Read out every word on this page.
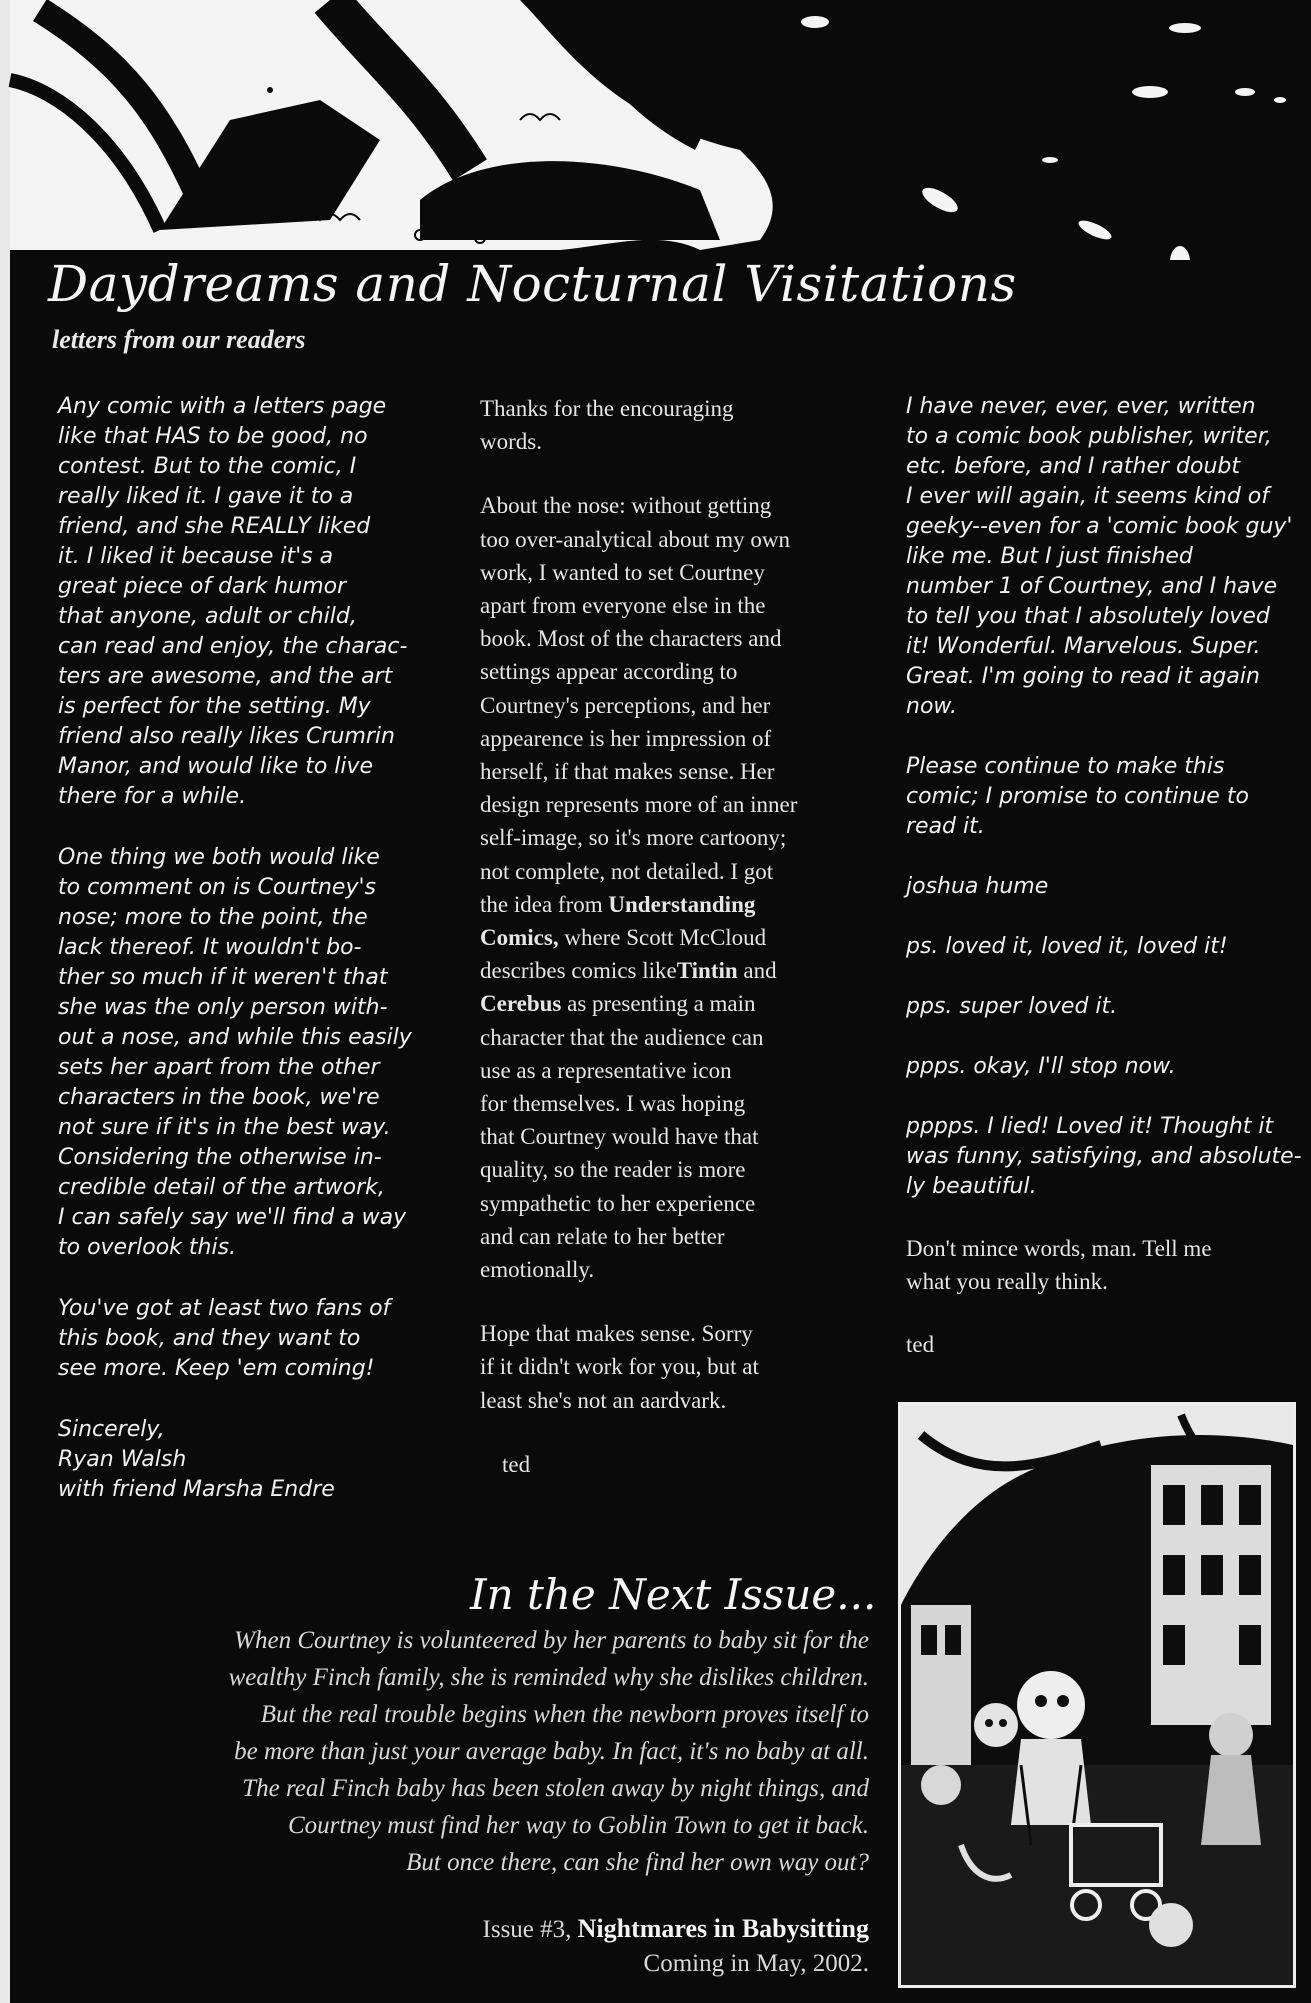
Daydreams and Nocturnal Visitations
letters from our readers

Any comic with a letters page
like that HAS to be good, no
contest. But to the comic, I
really liked it. I gave it to a
friend, and she REALLY liked
it. I liked it because it's a
great piece of dark humor
that anyone, adult or child,
can read and enjoy, the charac-
ters are awesome, and the art
is perfect for the setting. My
friend also really likes Crumrin
Manor, and would like to live
there for a while.

One thing we both would like
to comment on is Courtney's
nose; more to the point, the
lack thereof. It wouldn't bo-
ther so much if it weren't that
she was the only person with-
out a nose, and while this easily
sets her apart from the other
characters in the book, we're
not sure if it's in the best way.
Considering the otherwise in-
credible detail of the artwork,
I can safely say we'll find a way
to overlook this.

You've got at least two fans of
this book, and they want to
see more. Keep 'em coming!

Sincerely,
Ryan Walsh
with friend Marsha Endre

Thanks for the encouraging
words.

About the nose: without getting
too over-analytical about my own
work, I wanted to set Courtney
apart from everyone else in the
book. Most of the characters and
settings appear according to
Courtney's perceptions, and her
appearence is her impression of
herself, if that makes sense. Her
design represents more of an inner
self-image, so it's more cartoony;
not complete, not detailed. I got
the idea from Understanding
Comics, where Scott McCloud
describes comics likeTintin and
Cerebus as presenting a main
character that the audience can
use as a representative icon
for themselves. I was hoping
that Courtney would have that
quality, so the reader is more
sympathetic to her experience
and can relate to her better
emotionally.

Hope that makes sense. Sorry
if it didn't work for you, but at
least she's not an aardvark.

ted

I have never, ever, ever, written
to a comic book publisher, writer,
etc. before, and I rather doubt
I ever will again, it seems kind of
geeky--even for a 'comic book guy'
like me. But I just finished
number 1 of Courtney, and I have
to tell you that I absolutely loved
it! Wonderful. Marvelous. Super.
Great. I'm going to read it again
now.

Please continue to make this
comic; I promise to continue to
read it.

joshua hume

ps. loved it, loved it, loved it!

pps. super loved it.

ppps. okay, I'll stop now.

pppps. I lied! Loved it! Thought it
was funny, satisfying, and absolute-
ly beautiful.

Don't mince words, man. Tell me
what you really think.

ted

In the Next Issue...
When Courtney is volunteered by her parents to baby sit for the
wealthy Finch family, she is reminded why she dislikes children.
But the real trouble begins when the newborn proves itself to
be more than just your average baby. In fact, it's no baby at all.
The real Finch baby has been stolen away by night things, and
Courtney must find her way to Goblin Town to get it back.
But once there, can she find her own way out?
Issue #3, Nightmares in Babysitting
Coming in May, 2002.
